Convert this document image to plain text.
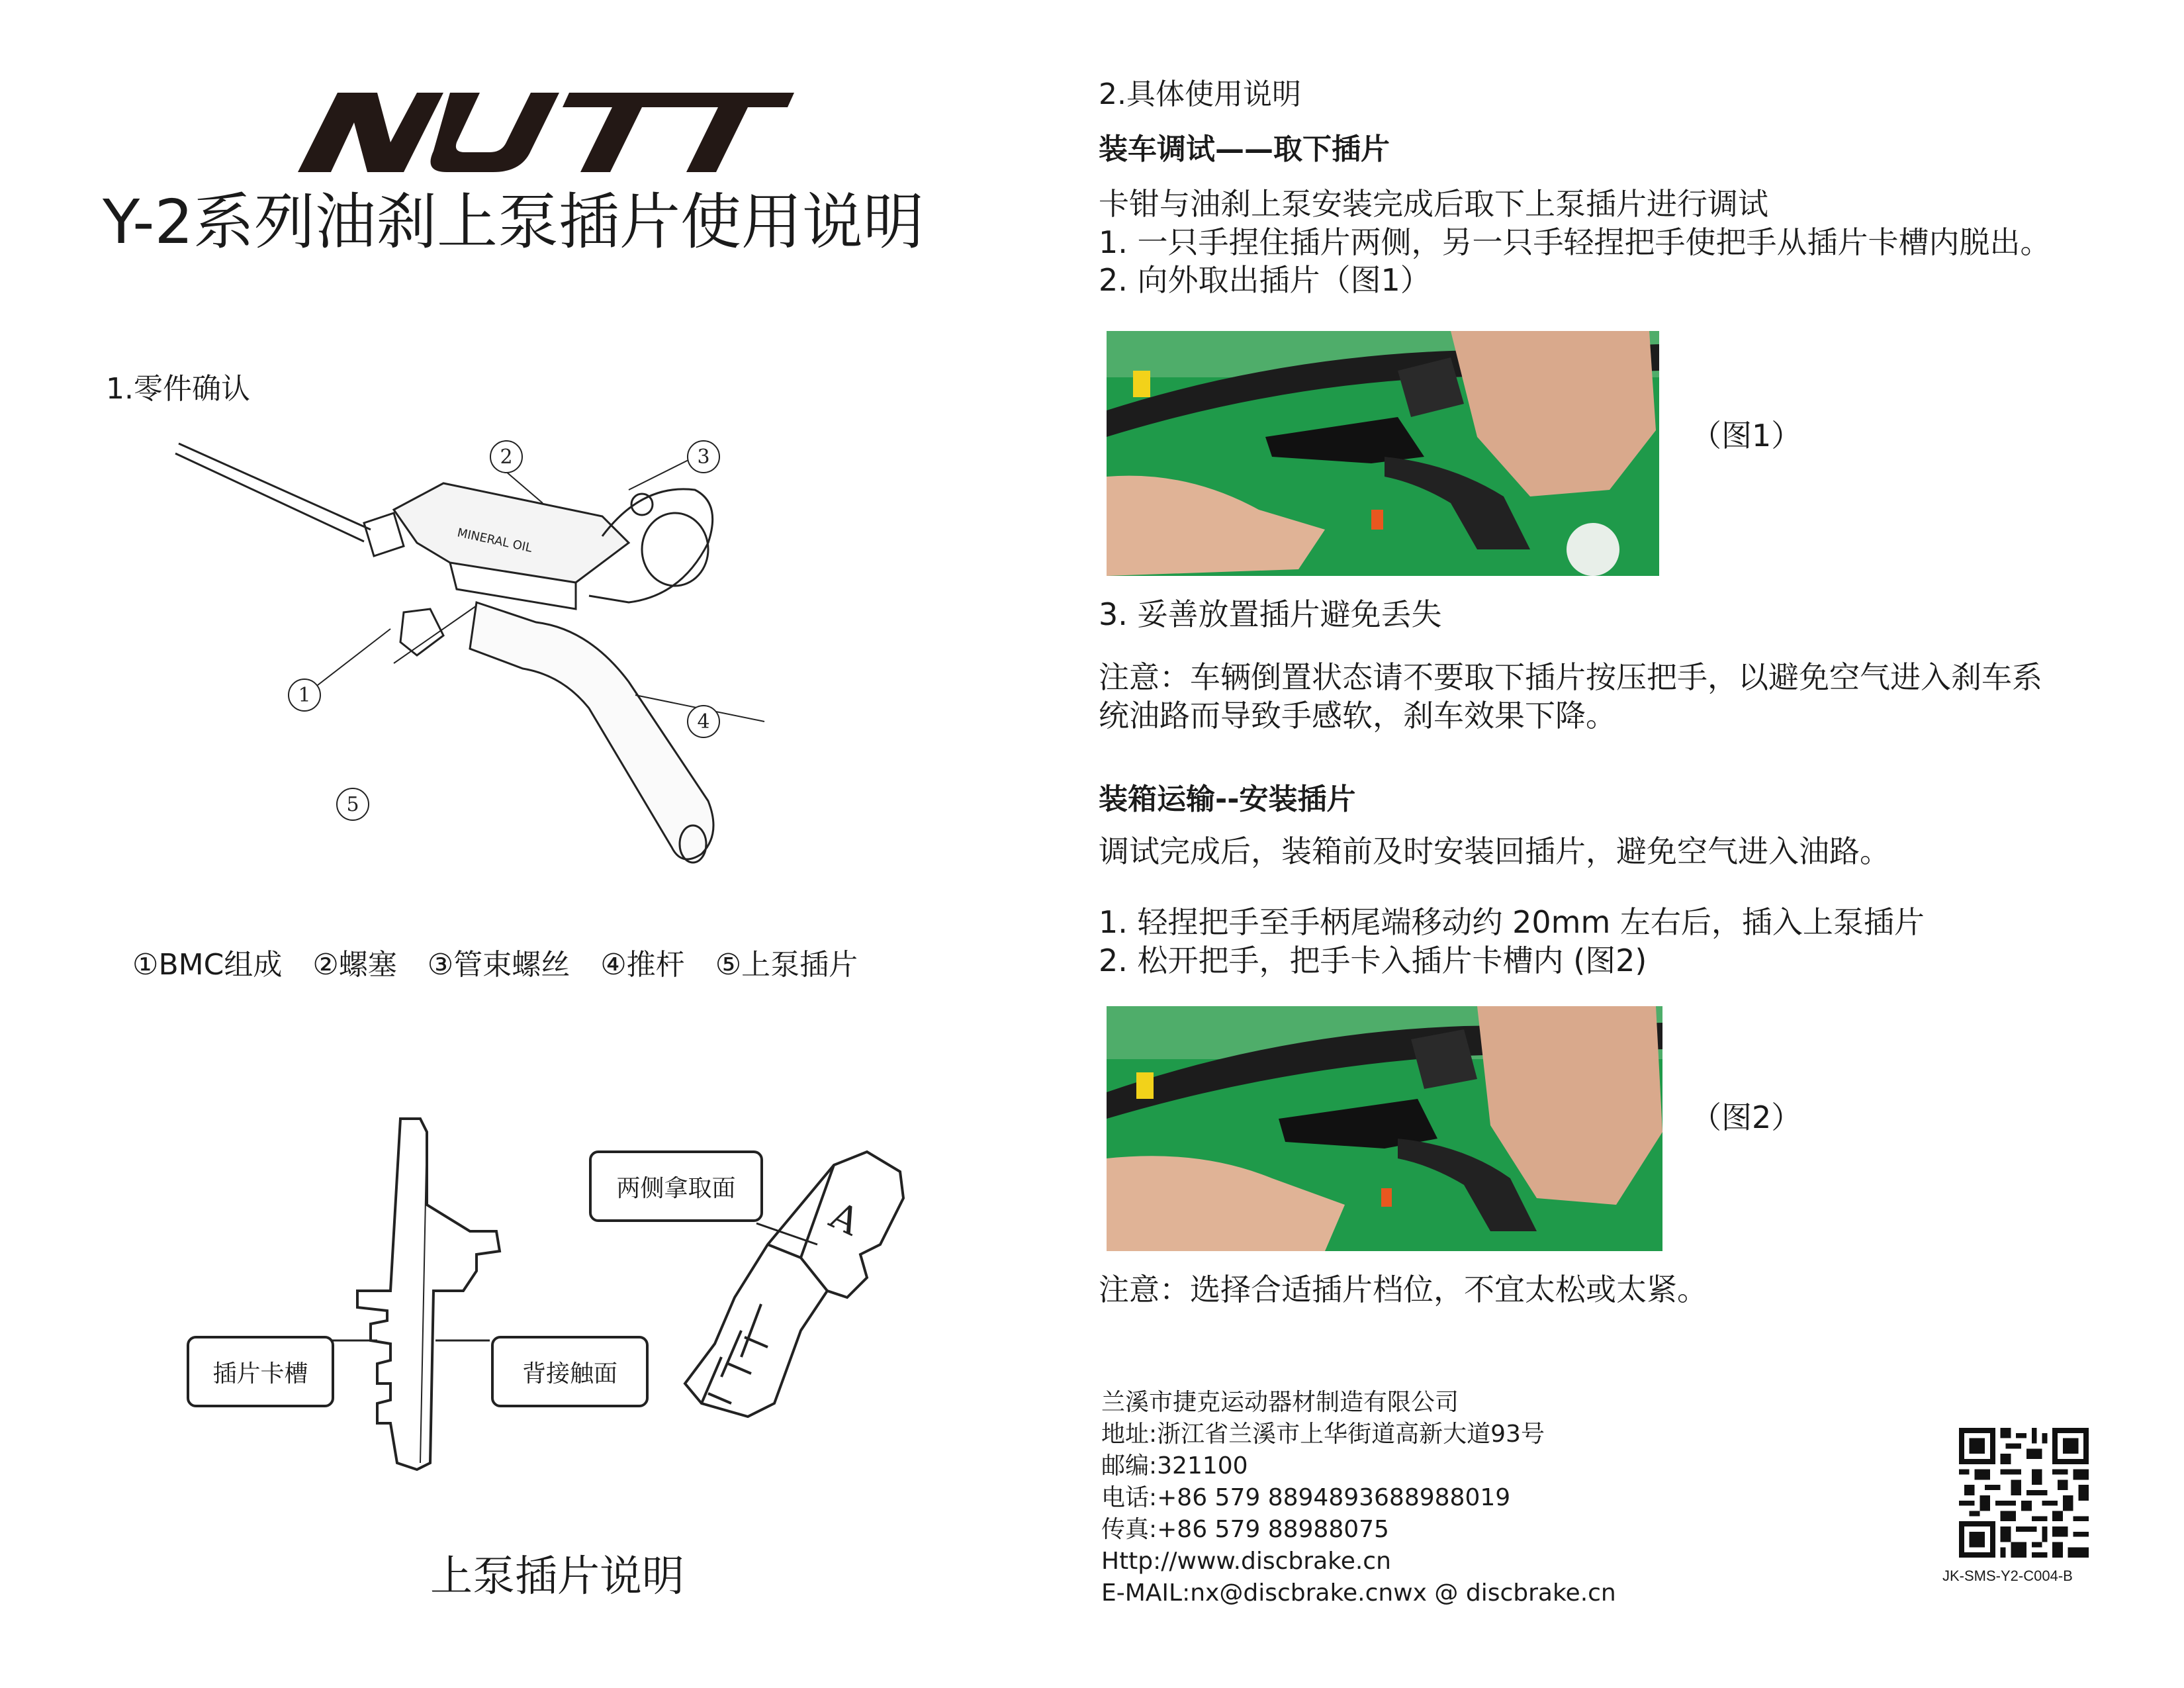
Y-2系列油刹上泵插片使用说明
1.零件确认
MINERAL OIL
1
2	3
4
5
①BMC组成 ②螺塞 ③管束螺丝 ④推杆 ⑤上泵插片
A
插片卡槽	背接触面
两侧拿取面
上泵插片说明
2.具体使用说明
装车调试——取下插片
卡钳与油刹上泵安装完成后取下上泵插片进行调试
1. 一只手捏住插片两侧，另一只手轻捏把手使把手从插片卡槽内脱出。
2. 向外取出插片（图1）
（图1）
3. 妥善放置插片避免丢失
注意：车辆倒置状态请不要取下插片按压把手，以避免空气进入刹车系
统油路而导致手感软，刹车效果下降。
装箱运输--安装插片
调试完成后，装箱前及时安装回插片，避免空气进入油路。
1. 轻捏把手至手柄尾端移动约 20mm 左右后，插入上泵插片
2. 松开把手，把手卡入插片卡槽内 (图2)
（图2）
注意：选择合适插片档位，不宜太松或太紧。
兰溪市捷克运动器材制造有限公司
地址:浙江省兰溪市上华街道高新大道93号
邮编:321100
电话:+86 579 8894893688988019
传真:+86 579 88988075
Http://www.discbrake.cn
E-MAIL:nx@discbrake.cnwx @ discbrake.cn
JK-SMS-Y2-C004-B
